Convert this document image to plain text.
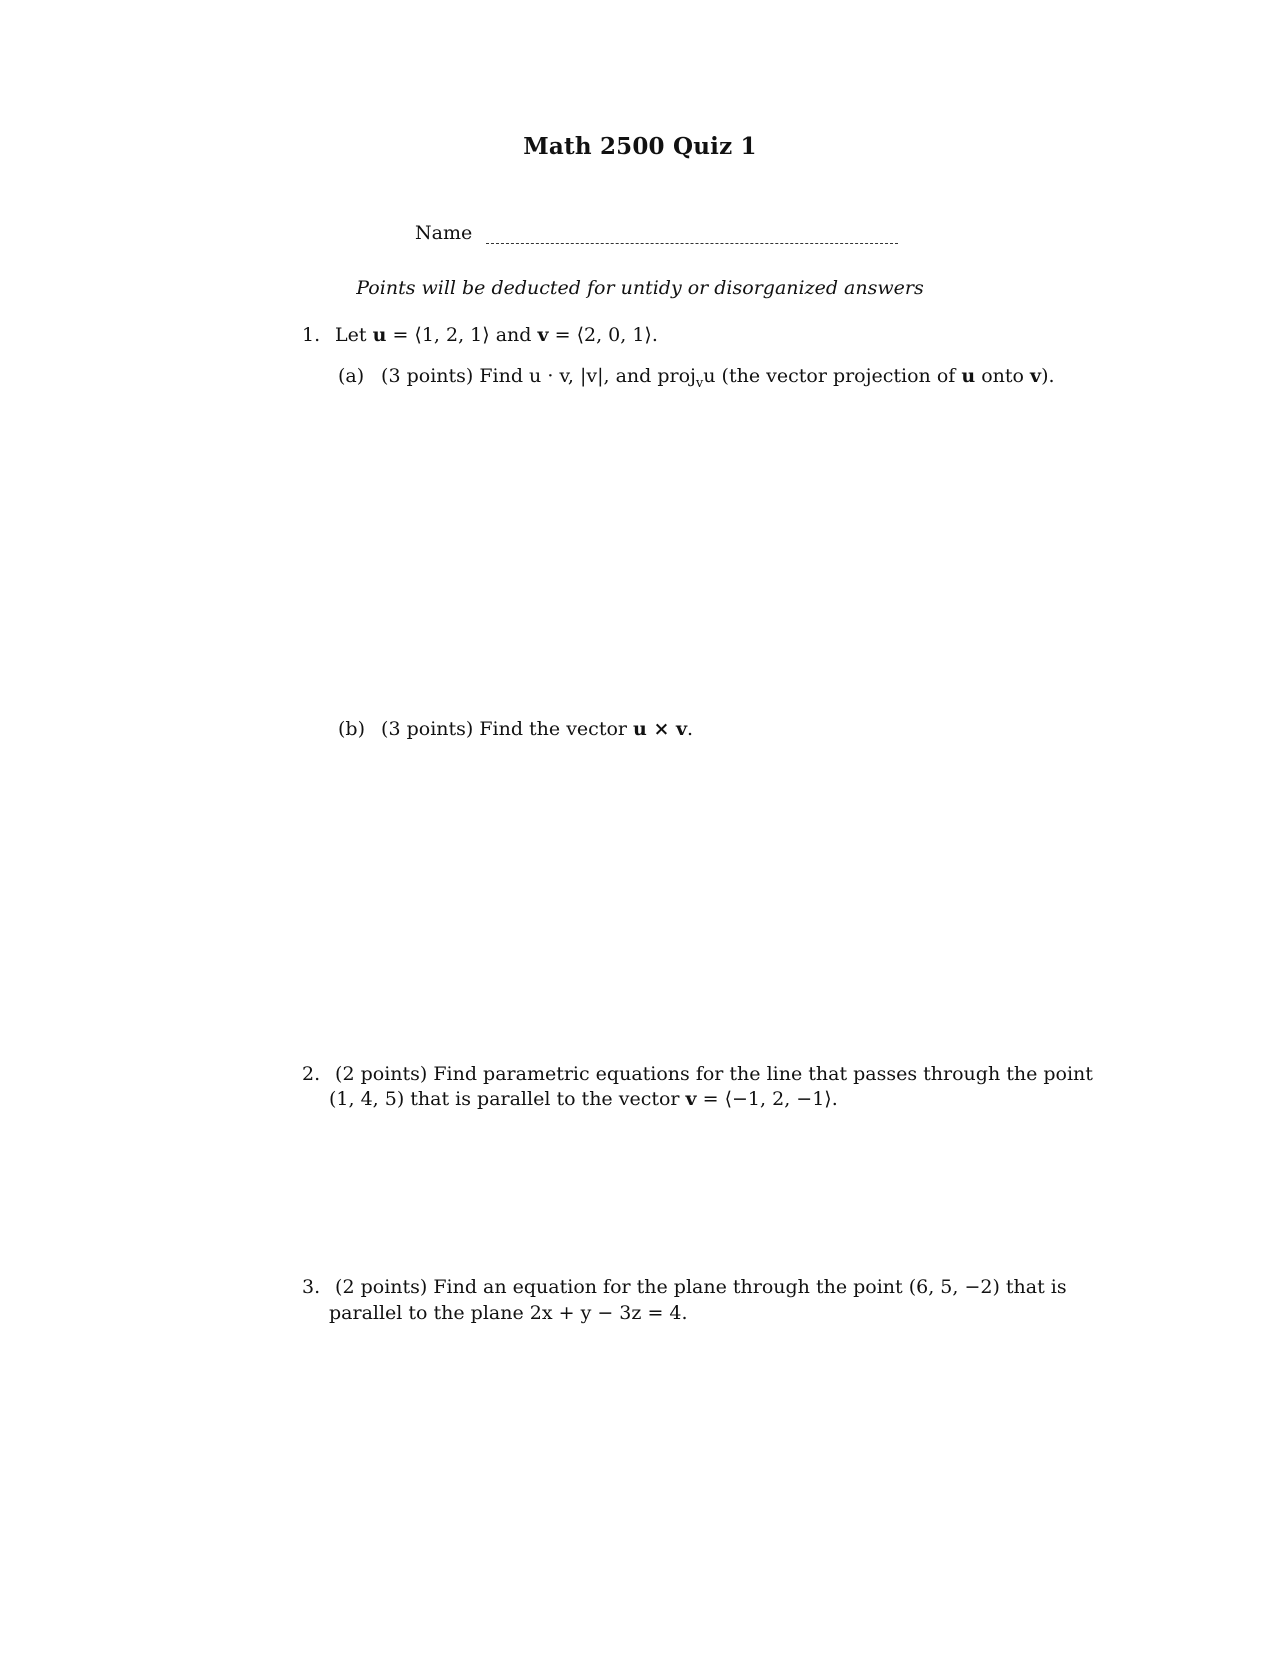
Math 2500 Quiz 1
Name
Points will be deducted for untidy or disorganized answers
1. Let u = ⟨1, 2, 1⟩ and v = ⟨2, 0, 1⟩.
(a) (3 points) Find u · v, |v|, and proj$_v$u (the vector projection of u onto v).
(b) (3 points) Find the vector u × v.
2. (2 points) Find parametric equations for the line that passes through the point
(1, 4, 5) that is parallel to the vector v = ⟨−1, 2, −1⟩.
3. (2 points) Find an equation for the plane through the point (6, 5, −2) that is
parallel to the plane 2x + y − 3z = 4.
